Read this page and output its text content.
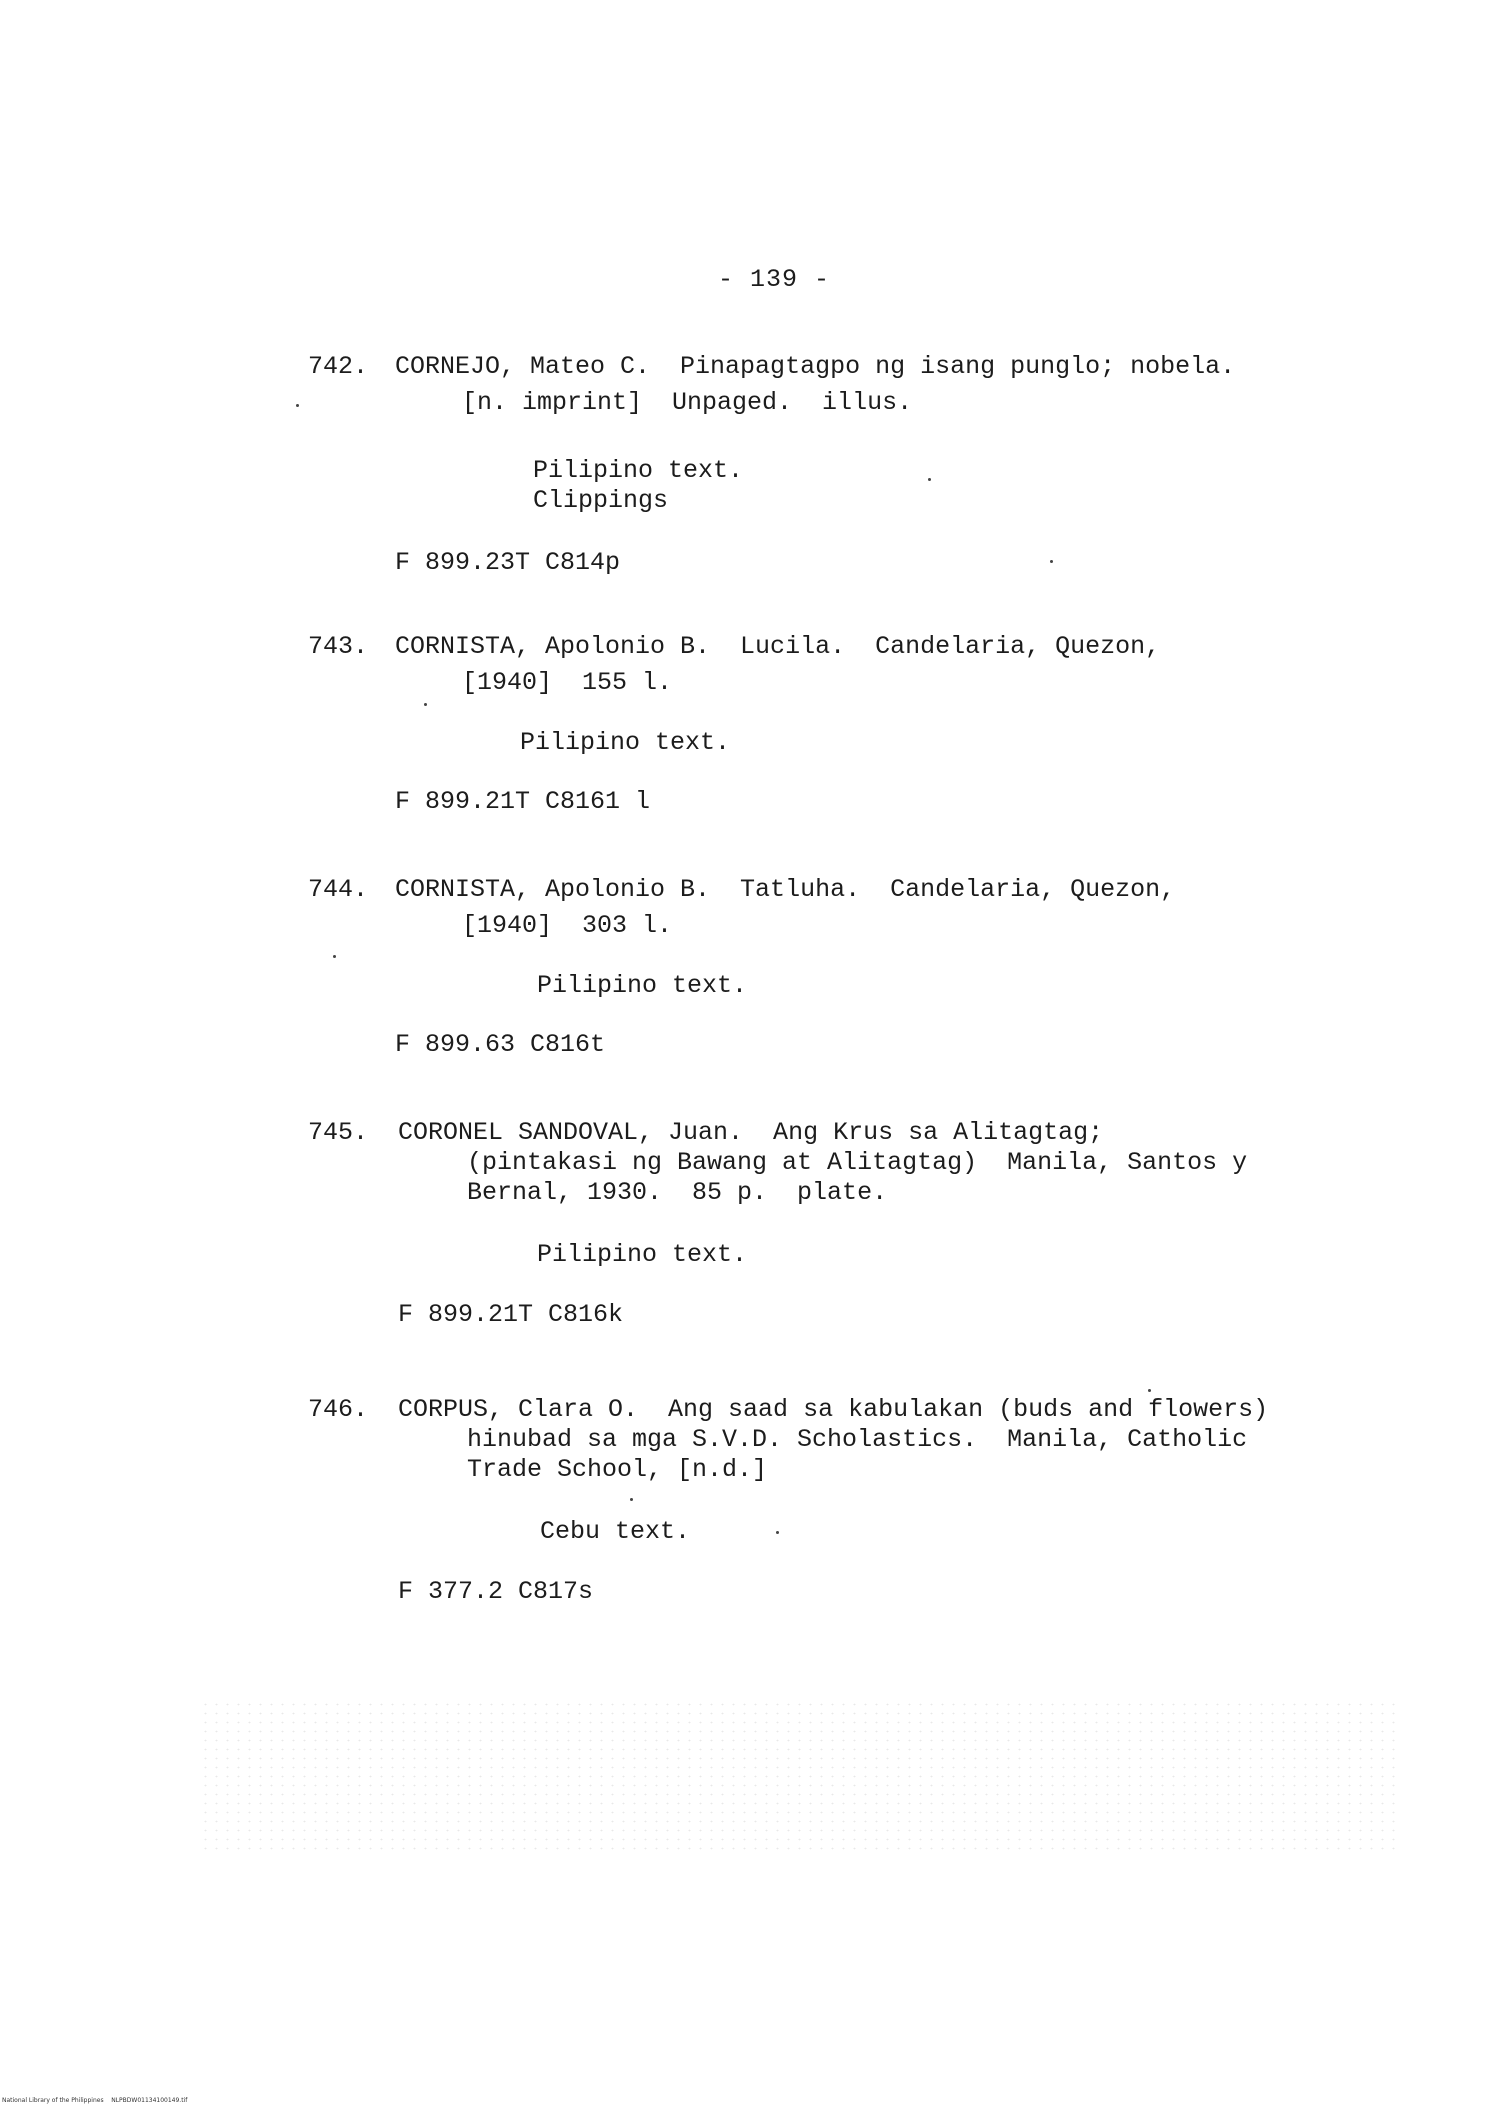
- 139 -
742. CORNEJO, Mateo C.  Pinapagtagpo ng isang punglo; nobela.
[n. imprint]  Unpaged.  illus.
Pilipino text.
Clippings
F 899.23T C814p
743. CORNISTA, Apolonio B.  Lucila.  Candelaria, Quezon,
[1940]  155 l.
Pilipino text.
F 899.21T C8161 l
744. CORNISTA, Apolonio B.  Tatluha.  Candelaria, Quezon,
[1940]  303 l.
Pilipino text.
F 899.63 C816t
745. CORONEL SANDOVAL, Juan.  Ang Krus sa Alitagtag;
(pintakasi ng Bawang at Alitagtag)  Manila, Santos y
Bernal, 1930.  85 p.  plate.
Pilipino text.
F 899.21T C816k
746. CORPUS, Clara O.  Ang saad sa kabulakan (buds and flowers)
hinubad sa mga S.V.D. Scholastics.  Manila, Catholic
Trade School, [n.d.]
Cebu text.
F 377.2 C817s
National Library of the Philippines    NLPBDW01134100149.tif
